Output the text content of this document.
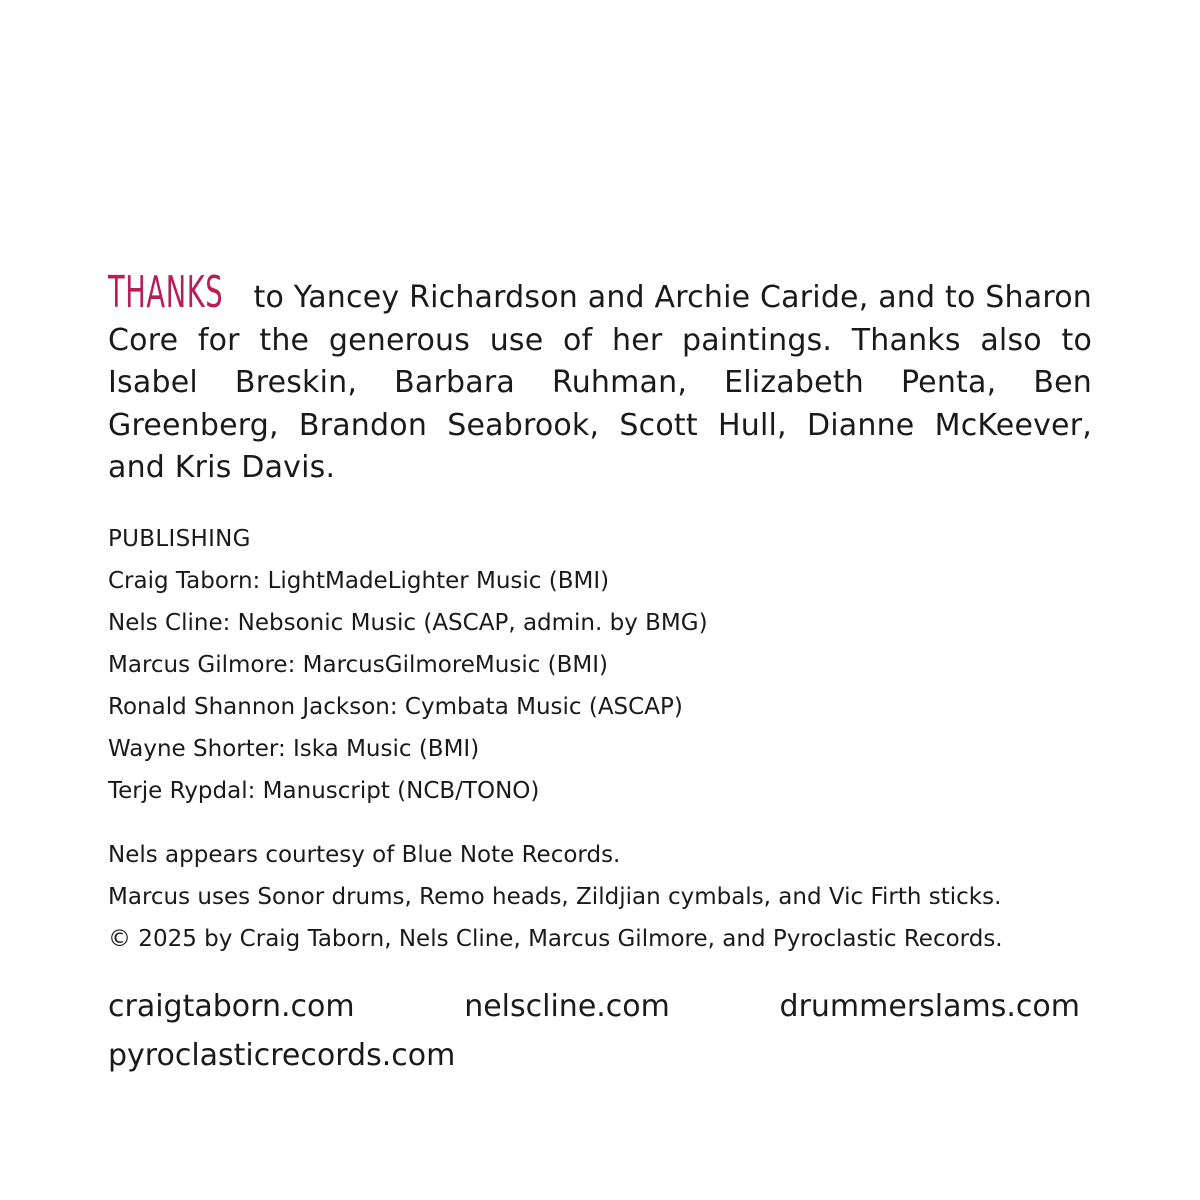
THANKS to Yancey Richardson and Archie Caride, and to Sharon Core for the generous use of her paintings. Thanks also to Isabel Breskin, Barbara Ruhman, Elizabeth Penta, Ben Greenberg, Brandon Seabrook, Scott Hull, Dianne McKeever, and Kris Davis.
PUBLISHING
Craig Taborn: LightMadeLighter Music (BMI)
Nels Cline: Nebsonic Music (ASCAP, admin. by BMG)
Marcus Gilmore: MarcusGilmoreMusic (BMI)
Ronald Shannon Jackson: Cymbata Music (ASCAP)
Wayne Shorter: Iska Music (BMI)
Terje Rypdal: Manuscript (NCB/TONO)
Nels appears courtesy of Blue Note Records.
Marcus uses Sonor drums, Remo heads, Zildjian cymbals, and Vic Firth sticks.
© 2025 by Craig Taborn, Nels Cline, Marcus Gilmore, and Pyroclastic Records.
craigtaborn.com	nelscline.com	drummerslams.com
pyroclasticrecords.com
